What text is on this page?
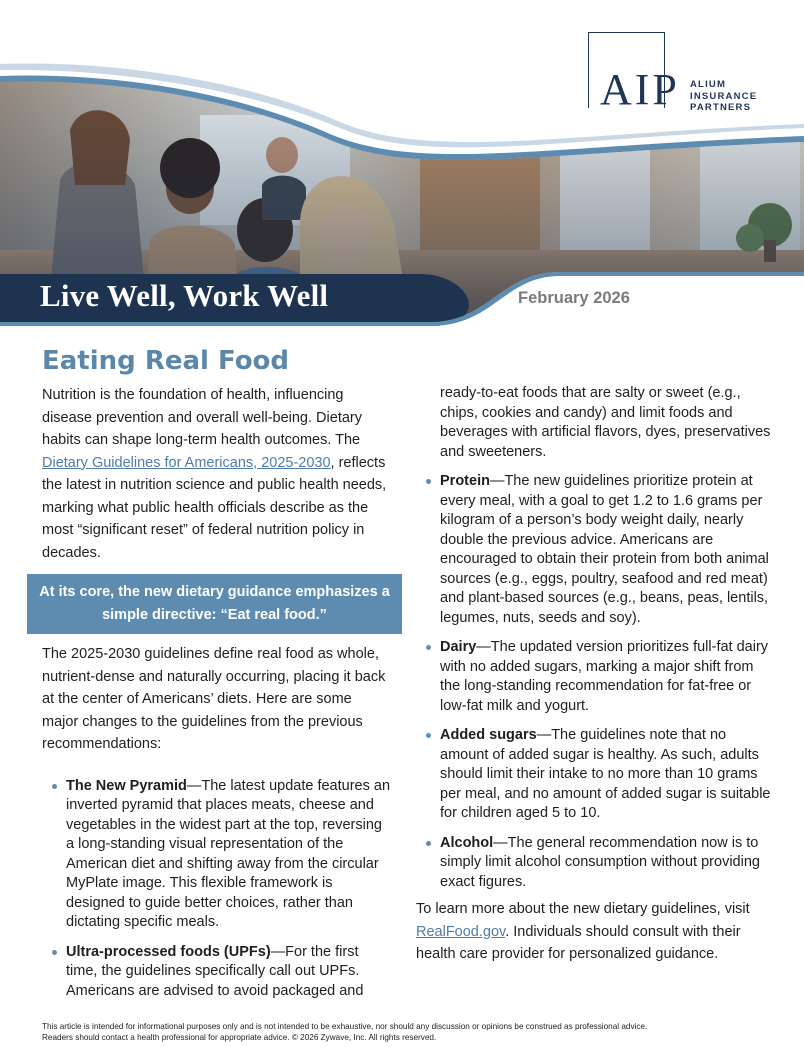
AIP ALIUM
INSURANCE
PARTNERS
Live Well, Work Well	February 2026
Eating Real Food

Nutrition is the foundation of health, influencing disease prevention and overall well-being. Dietary habits can shape long-term health outcomes. The Dietary Guidelines for Americans, 2025-2030, reflects the latest in nutrition science and public health needs, marking what public health officials describe as the most “significant reset” of federal nutrition policy in decades.

At its core, the new dietary guidance emphasizes a simple directive: “Eat real food.”

The 2025-2030 guidelines define real food as whole, nutrient-dense and naturally occurring, placing it back at the center of Americans’ diets. Here are some major changes to the guidelines from the previous recommendations:

The New Pyramid—The latest update features an inverted pyramid that places meats, cheese and vegetables in the widest part at the top, reversing a long-standing visual representation of the American diet and shifting away from the circular MyPlate image. This flexible framework is designed to guide better choices, rather than dictating specific meals.
Ultra-processed foods (UPFs)—For the first time, the guidelines specifically call out UPFs. Americans are advised to avoid packaged and
ready-to-eat foods that are salty or sweet (e.g., chips, cookies and candy) and limit foods and beverages with artificial flavors, dyes, preservatives and sweeteners.
Protein—The new guidelines prioritize protein at every meal, with a goal to get 1.2 to 1.6 grams per kilogram of a person’s body weight daily, nearly double the previous advice. Americans are encouraged to obtain their protein from both animal sources (e.g., eggs, poultry, seafood and red meat) and plant-based sources (e.g., beans, peas, lentils, legumes, nuts, seeds and soy).
Dairy—The updated version prioritizes full-fat dairy with no added sugars, marking a major shift from the long-standing recommendation for fat-free or low-fat milk and yogurt.
Added sugars—The guidelines note that no amount of added sugar is healthy. As such, adults should limit their intake to no more than 10 grams per meal, and no amount of added sugar is suitable for children aged 5 to 10.
Alcohol—The general recommendation now is to simply limit alcohol consumption without providing exact figures.

To learn more about the new dietary guidelines, visit RealFood.gov. Individuals should consult with their health care provider for personalized guidance.

This article is intended for informational purposes only and is not intended to be exhaustive, nor should any discussion or opinions be construed as professional advice.
Readers should contact a health professional for appropriate advice. © 2026 Zywave, Inc. All rights reserved.
